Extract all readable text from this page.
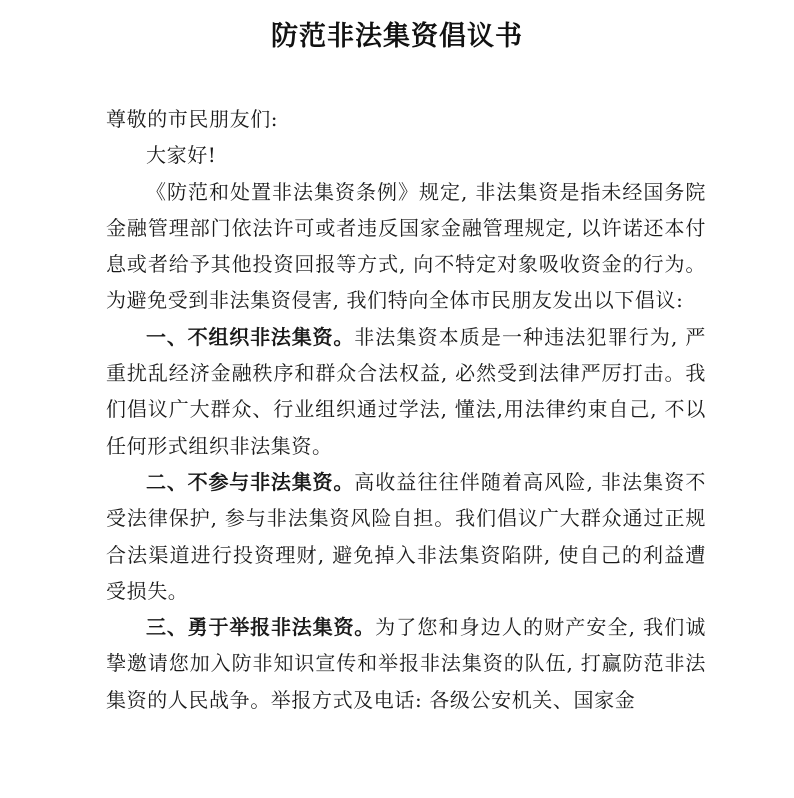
防范非法集资倡议书

尊敬的市民朋友们:

大家好!

《防范和处置非法集资条例》规定, 非法集资是指未经国务院金融管理部门依法许可或者违反国家金融管理规定, 以许诺还本付息或者给予其他投资回报等方式, 向不特定对象吸收资金的行为。为避免受到非法集资侵害, 我们特向全体市民朋友发出以下倡议:

一、不组织非法集资。非法集资本质是一种违法犯罪行为, 严重扰乱经济金融秩序和群众合法权益, 必然受到法律严厉打击。我们倡议广大群众、行业组织通过学法, 懂法,用法律约束自己, 不以任何形式组织非法集资。

二、不参与非法集资。高收益往往伴随着高风险, 非法集资不受法律保护, 参与非法集资风险自担。我们倡议广大群众通过正规合法渠道进行投资理财, 避免掉入非法集资陷阱, 使自己的利益遭受损失。

三、勇于举报非法集资。为了您和身边人的财产安全, 我们诚挚邀请您加入防非知识宣传和举报非法集资的队伍, 打赢防范非法集资的人民战争。举报方式及电话: 各级公安机关、国家金
